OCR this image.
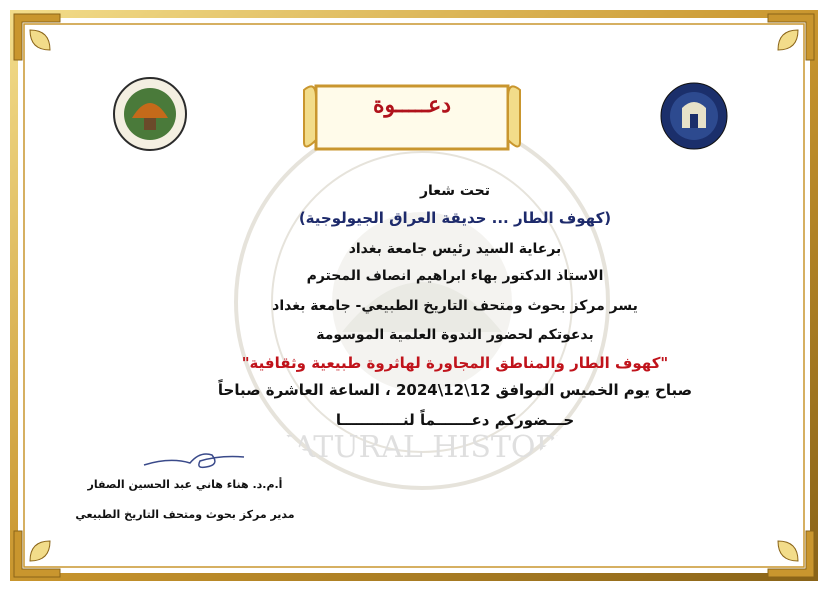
NATURAL HISTORY
دعـــــوة
تحت شعار
(كهوف الطار ... حديقة العراق الجيولوجية)
برعاية السيد رئيس جامعة بغداد
الاستاذ الدكتور بهاء ابراهيم انصاف المحترم
يسر مركز بحوث ومتحف التاريخ الطبيعي- جامعة بغداد
بدعوتكم لحضور الندوة العلمية الموسومة
"كهوف الطار والمناطق المجاورة لهاثروة طبيعية وثقافية"
صباح يوم الخميس الموافق 12\12\2024 ، الساعة العاشرة صباحاً
حـــضوركم دعـــــــماً لنــــــــــــا
أ.م.د. هناء هاني عبد الحسين الصفار
مدير مركز بحوث ومتحف التاريخ الطبيعي
